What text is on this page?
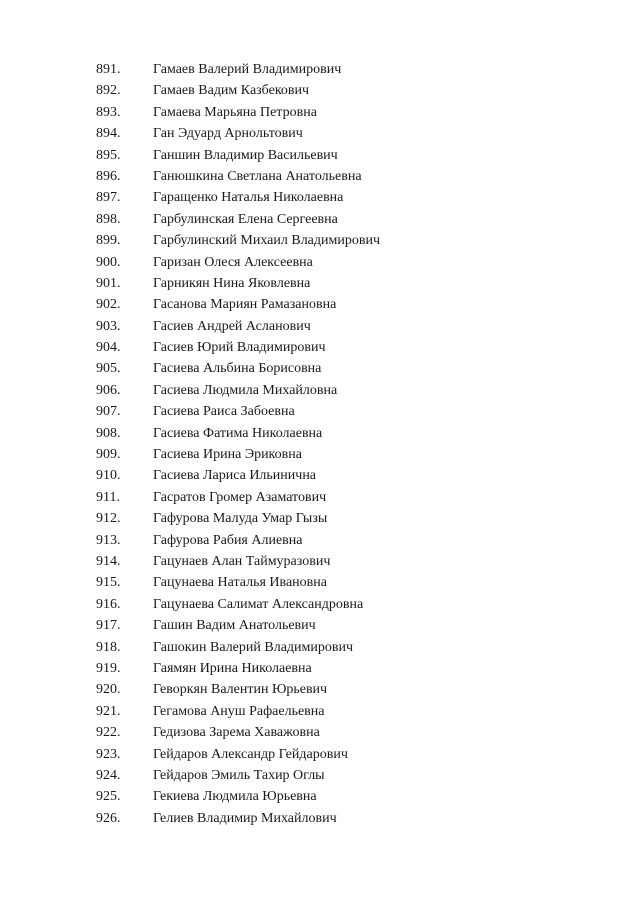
891. Гамаев Валерий Владимирович
892. Гамаев Вадим Казбекович
893. Гамаева Марьяна Петровна
894. Ган Эдуард Арнольтович
895. Ганшин Владимир Васильевич
896. Ганюшкина Светлана Анатольевна
897. Гаращенко Наталья Николаевна
898. Гарбулинская Елена Сергеевна
899. Гарбулинский Михаил Владимирович
900. Гаризан Олеся Алексеевна
901. Гарникян Нина Яковлевна
902. Гасанова Мариян Рамазановна
903. Гасиев Андрей Асланович
904. Гасиев Юрий Владимирович
905. Гасиева Альбина Борисовна
906. Гасиева Людмила Михайловна
907. Гасиева Раиса Забоевна
908. Гасиева Фатима Николаевна
909. Гасиева Ирина Эриковна
910. Гасиева Лариса Ильинична
911. Гасратов Громер Азаматович
912. Гафурова Малуда Умар Гызы
913. Гафурова Рабия Алиевна
914. Гацунаев Алан Таймуразович
915. Гацунаева Наталья Ивановна
916. Гацунаева Салимат Александровна
917. Гашин Вадим Анатольевич
918. Гашокин Валерий Владимирович
919. Гаямян Ирина Николаевна
920. Геворкян Валентин Юрьевич
921. Гегамова Ануш Рафаельевна
922. Гедизова Зарема Хаважовна
923. Гейдаров Александр Гейдарович
924. Гейдаров Эмиль Тахир Оглы
925. Гекиева Людмила Юрьевна
926. Гелиев Владимир Михайлович
